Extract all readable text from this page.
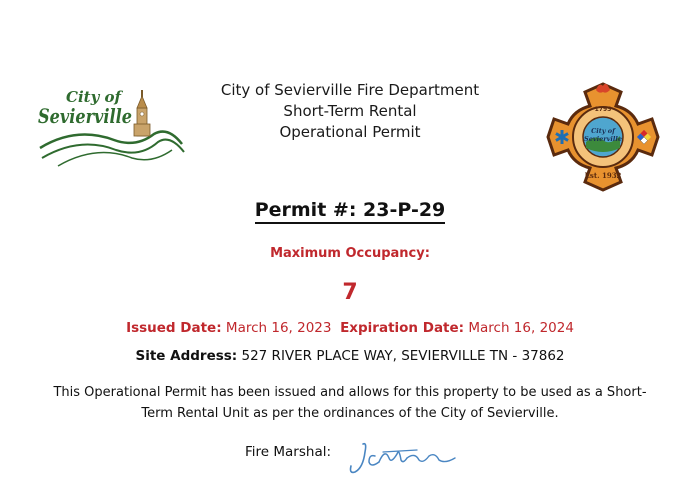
City of
Sevierville
City of Sevierville Fire Department
Short-Term Rental
Operational Permit
1795
City of
Sevierville
Est. 1932
Permit #: 23-P-29
Maximum Occupancy:
7
Issued Date: March 16, 2023 Expiration Date: March 16, 2024
Site Address: 527 RIVER PLACE WAY, SEVIERVILLE TN - 37862
This Operational Permit has been issued and allows for this property to be used as a Short-
Term Rental Unit as per the ordinances of the City of Sevierville.
Fire Marshal:
